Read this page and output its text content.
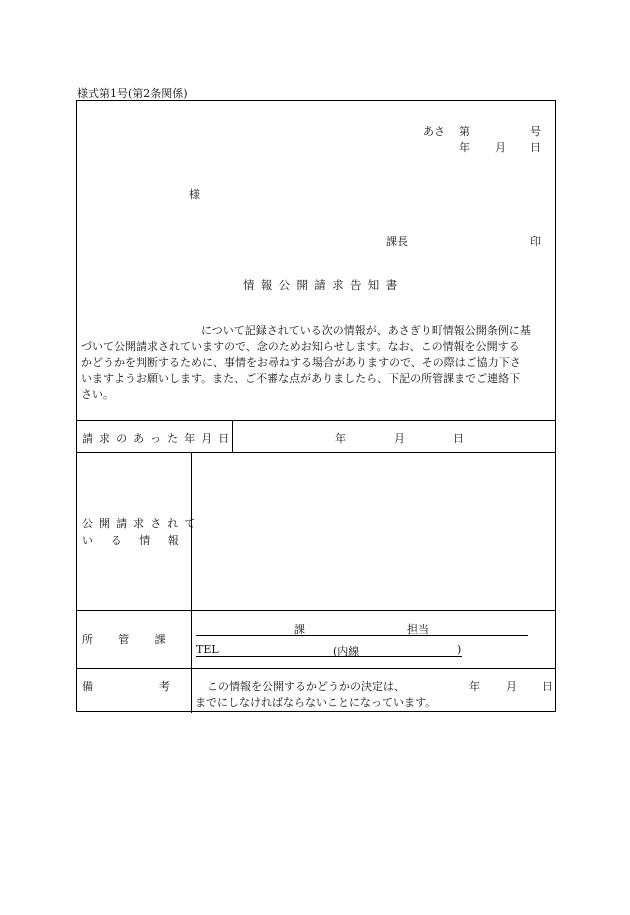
様式第1号(第2条関係)
あさ 第	号
年 月 日
様
課長	印
情報公開請求告知書
について記録されている次の情報が、あさぎり町情報公開条例に基
づいて公開請求されていますので、念のためお知らせします。なお、この情報を公開する
かどうかを判断するために、事情をお尋ねする場合がありますので、その際はご協力下さ
いますようお願いします。また、ご不審な点がありましたら、下記の所管課までご連絡下
さい。
請求のあった年月日	年	月	日
公開請求されて
いる情報
所管課
課	担当
TEL	(内線	)
備考
この情報を公開するかどうかの決定は、	年 月 日
までにしなければならないことになっています。
